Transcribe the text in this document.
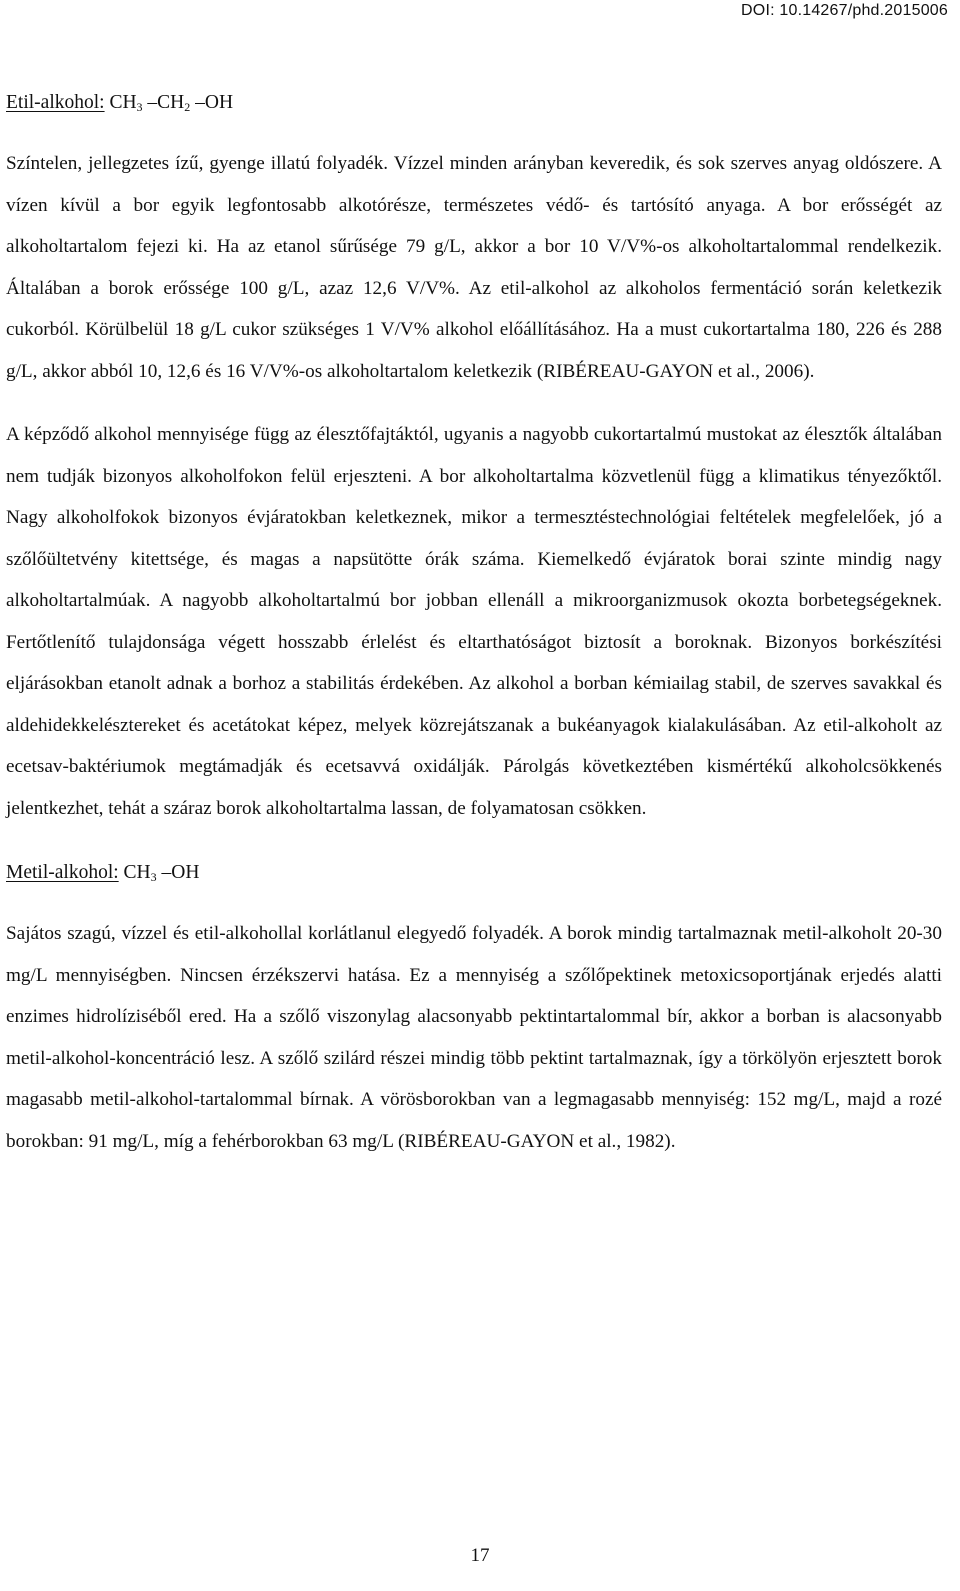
DOI: 10.14267/phd.2015006
Etil-alkohol: $CH_3$ $-CH_2$ –OH

Színtelen, jellegzetes ízű, gyenge illatú folyadék. Vízzel minden arányban keveredik, és sok szerves anyag oldószere. A vízen kívül a bor egyik legfontosabb alkotórésze, természetes védő- és tartósító anyaga. A bor erősségét az alkoholtartalom fejezi ki. Ha az etanol sűrűsége 79 g/L, akkor a bor 10 V/V%-os alkoholtartalommal rendelkezik. Általában a borok erőssége 100 g/L, azaz 12,6 V/V%. Az etil-alkohol az alkoholos fermentáció során keletkezik cukorból. Körülbelül 18 g/L cukor szükséges 1 V/V% alkohol előállításához. Ha a must cukortartalma 180, 226 és 288 g/L, akkor abból 10, 12,6 és 16 V/V%-os alkoholtartalom keletkezik (RIBÉREAU-GAYON et al., 2006).

A képződő alkohol mennyisége függ az élesztőfajtáktól, ugyanis a nagyobb cukortartalmú mustokat az élesztők általában nem tudják bizonyos alkoholfokon felül erjeszteni. A bor alkoholtartalma közvetlenül függ a klimatikus tényezőktől. Nagy alkoholfokok bizonyos évjáratokban keletkeznek, mikor a termesztéstechnológiai feltételek megfelelőek, jó a szőlőültetvény kitettsége, és magas a napsütötte órák száma. Kiemelkedő évjáratok borai szinte mindig nagy alkoholtartalmúak. A nagyobb alkoholtartalmú bor jobban ellenáll a mikroorganizmusok okozta borbetegségeknek. Fertőtlenítő tulajdonsága végett hosszabb érlelést és eltarthatóságot biztosít a boroknak. Bizonyos borkészítési eljárásokban etanolt adnak a borhoz a stabilitás érdekében. Az alkohol a borban kémiailag stabil, de szerves savakkal és aldehidekkelésztereket és acetátokat képez, melyek közrejátszanak a bukéanyagok kialakulásában. Az etil-alkoholt az ecetsav-baktériumok megtámadják és ecetsavvá oxidálják. Párolgás következtében kismértékű alkoholcsökkenés jelentkezhet, tehát a száraz borok alkoholtartalma lassan, de folyamatosan csökken.

Metil-alkohol: $CH_3$ –OH

Sajátos szagú, vízzel és etil-alkohollal korlátlanul elegyedő folyadék. A borok mindig tartalmaznak metil-alkoholt 20-30 mg/L mennyiségben. Nincsen érzékszervi hatása. Ez a mennyiség a szőlőpektinek metoxicsoportjának erjedés alatti enzimes hidrolíziséből ered. Ha a szőlő viszonylag alacsonyabb pektintartalommal bír, akkor a borban is alacsonyabb metil-alkohol-koncentráció lesz. A szőlő szilárd részei mindig több pektint tartalmaznak, így a törkölyön erjesztett borok magasabb metil-alkohol-tartalommal bírnak. A vörösborokban van a legmagasabb mennyiség: 152 mg/L, majd a rozé borokban: 91 mg/L, míg a fehérborokban 63 mg/L (RIBÉREAU-GAYON et al., 1982).

17
